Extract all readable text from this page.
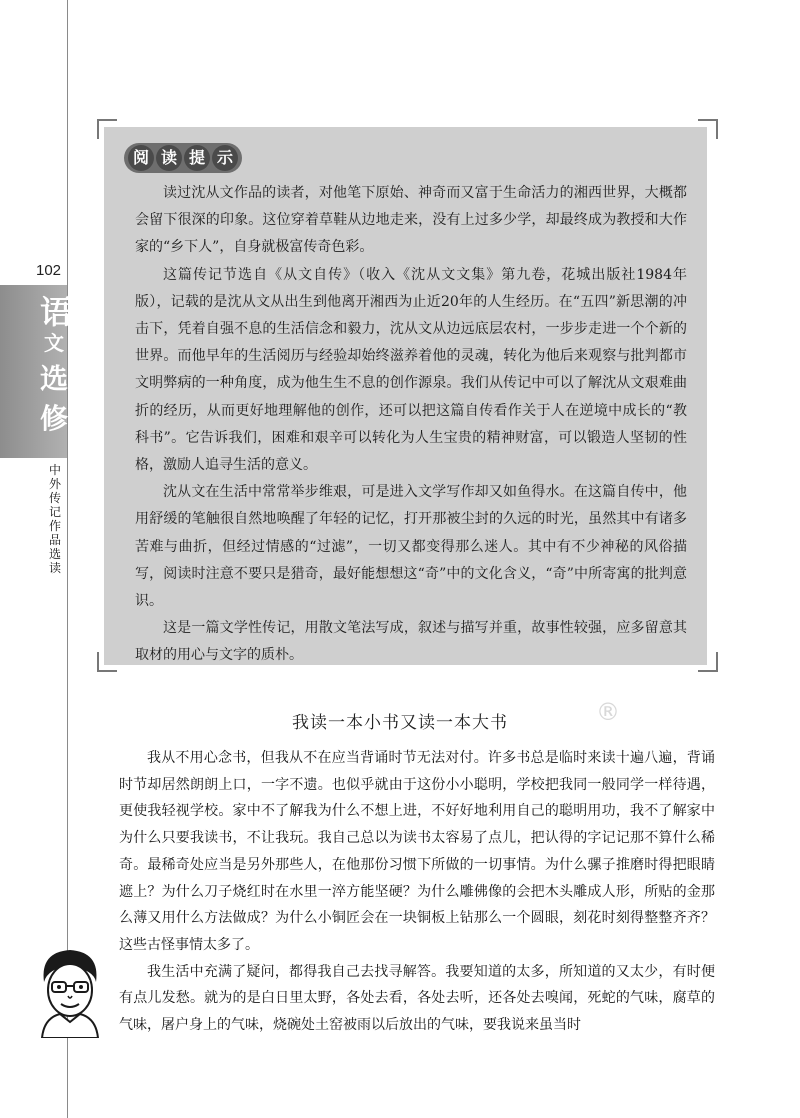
102
语
文
选
修
中外传记作品选读
阅 读 提 示

读过沈从文作品的读者，对他笔下原始、神奇而又富于生命活力的湘西世界，大概都会留下很深的印象。这位穿着草鞋从边地走来，没有上过多少学，却最终成为教授和大作家的“乡下人”，自身就极富传奇色彩。

这篇传记节选自《从文自传》（收入《沈从文文集》第九卷，花城出版社1984年版），记载的是沈从文从出生到他离开湘西为止近20年的人生经历。在“五四”新思潮的冲击下，凭着自强不息的生活信念和毅力，沈从文从边远底层农村，一步步走进一个个新的世界。而他早年的生活阅历与经验却始终滋养着他的灵魂，转化为他后来观察与批判都市文明弊病的一种角度，成为他生生不息的创作源泉。我们从传记中可以了解沈从文艰难曲折的经历，从而更好地理解他的创作，还可以把这篇自传看作关于人在逆境中成长的“教科书”。它告诉我们，困难和艰辛可以转化为人生宝贵的精神财富，可以锻造人坚韧的性格，激励人追寻生活的意义。

沈从文在生活中常常举步维艰，可是进入文学写作却又如鱼得水。在这篇自传中，他用舒缓的笔触很自然地唤醒了年轻的记忆，打开那被尘封的久远的时光，虽然其中有诸多苦难与曲折，但经过情感的“过滤”，一切又都变得那么迷人。其中有不少神秘的风俗描写，阅读时注意不要只是猎奇，最好能想想这“奇”中的文化含义，“奇”中所寄寓的批判意识。

这是一篇文学性传记，用散文笔法写成，叙述与描写并重，故事性较强，应多留意其取材的用心与文字的质朴。

我读一本小书又读一本大书	®

我从不用心念书，但我从不在应当背诵时节无法对付。许多书总是临时来读十遍八遍，背诵时节却居然朗朗上口，一字不遗。也似乎就由于这份小小聪明，学校把我同一般同学一样待遇，更使我轻视学校。家中不了解我为什么不想上进，不好好地利用自己的聪明用功，我不了解家中为什么只要我读书，不让我玩。我自己总以为读书太容易了点儿，把认得的字记记那不算什么稀奇。最稀奇处应当是另外那些人，在他那份习惯下所做的一切事情。为什么骡子推磨时得把眼睛遮上？为什么刀子烧红时在水里一淬方能坚硬？为什么雕佛像的会把木头雕成人形，所贴的金那么薄又用什么方法做成？为什么小铜匠会在一块铜板上钻那么一个圆眼，刻花时刻得整整齐齐？这些古怪事情太多了。

我生活中充满了疑问，都得我自己去找寻解答。我要知道的太多，所知道的又太少，有时便有点儿发愁。就为的是白日里太野，各处去看，各处去听，还各处去嗅闻，死蛇的气味，腐草的气味，屠户身上的气味，烧碗处土窑被雨以后放出的气味，要我说来虽当时
